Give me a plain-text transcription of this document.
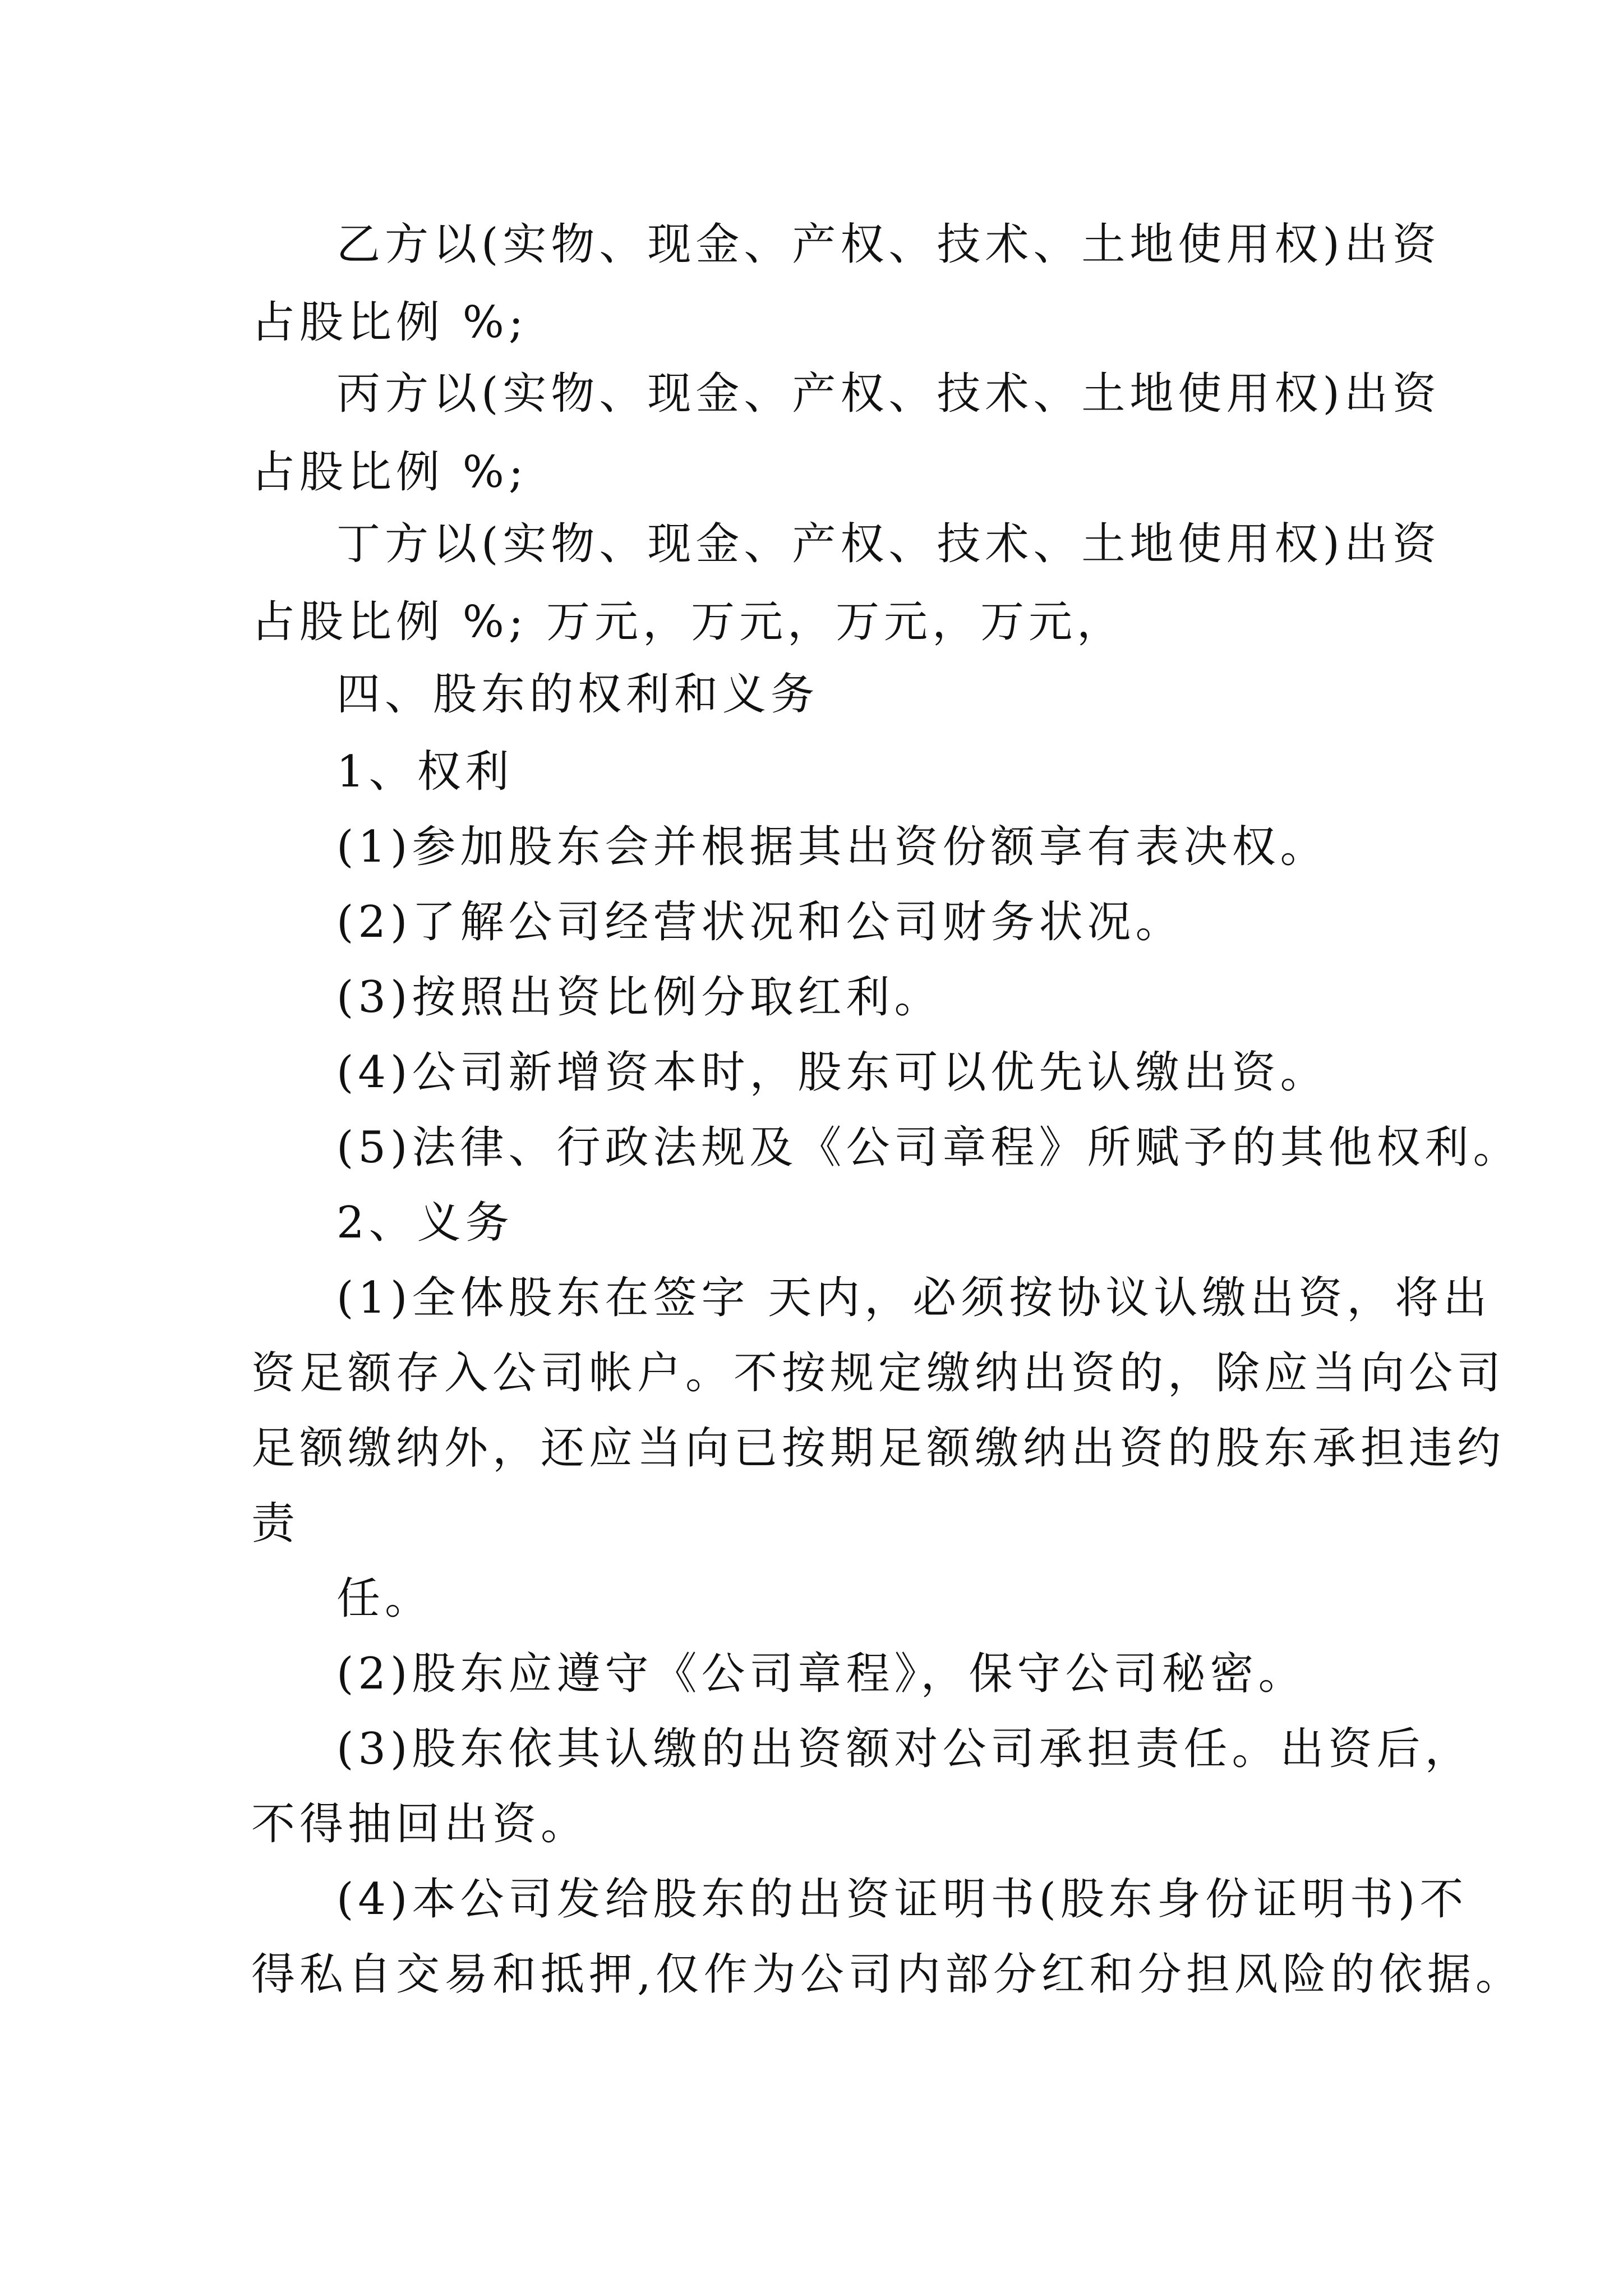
乙方以(实物、现金、产权、技术、土地使用权)出资
占股比例 %;
丙方以(实物、现金、产权、技术、土地使用权)出资
占股比例 %;
丁方以(实物、现金、产权、技术、土地使用权)出资
占股比例 %; 万元，万元，万元，万元，
四、股东的权利和义务
1、权利
(1)参加股东会并根据其出资份额享有表决权。
(2)了解公司经营状况和公司财务状况。
(3)按照出资比例分取红利。
(4)公司新增资本时，股东可以优先认缴出资。
(5)法律、行政法规及《公司章程》所赋予的其他权利。
2、义务
(1)全体股东在签字 天内，必须按协议认缴出资，将出
资足额存入公司帐户。不按规定缴纳出资的，除应当向公司
足额缴纳外，还应当向已按期足额缴纳出资的股东承担违约
责
任。
(2)股东应遵守《公司章程》，保守公司秘密。
(3)股东依其认缴的出资额对公司承担责任。出资后，
不得抽回出资。
(4)本公司发给股东的出资证明书(股东身份证明书)不
得私自交易和抵押,仅作为公司内部分红和分担风险的依据。
